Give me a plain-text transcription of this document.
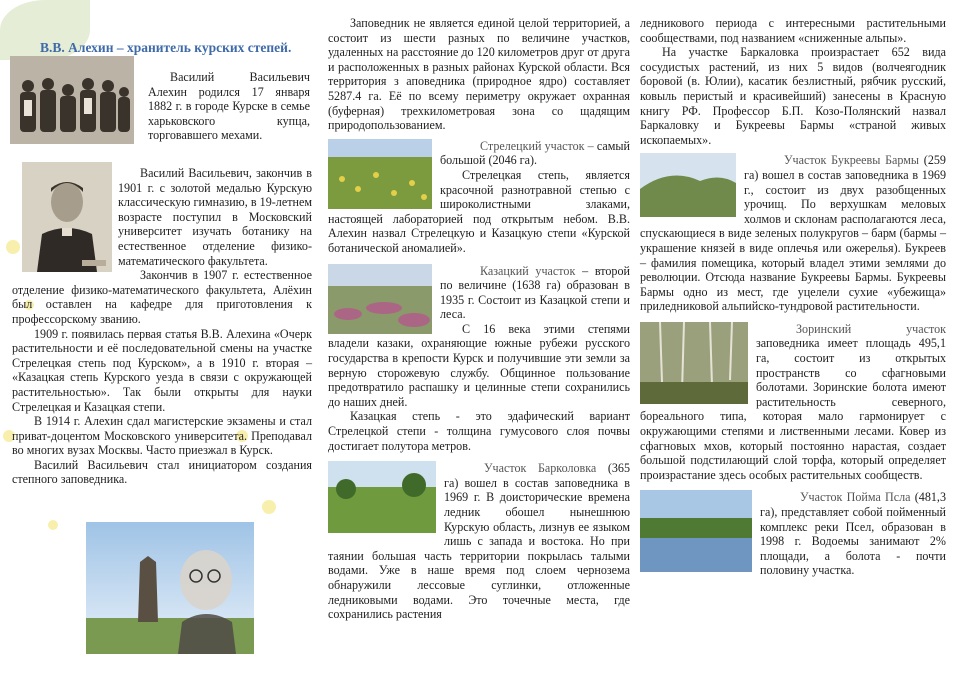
В.В. Алехин – хранитель курских степей.

Василий Васильевич Алехин родился 17 января 1882 г. в городе Курске в семье харьковского купца, торговавшего мехами.

Василий Васильевич, закончив в 1901 г. с золотой медалью Курскую классическую гимназию, в 19-летнем возрасте поступил в Московский университет изучать ботанику на естественное отделение физико-математического факультета.

Закончив в 1907 г. естественное отделение физико-математического факультета, Алёхин был оставлен на кафедре для приготовления к профессорскому званию.

1909 г. появилась первая статья В.В. Алехина «Очерк растительности и её последовательной смены на участке Стрелецкая степь под Курском», а в 1910 г. вторая – «Казацкая степь Курского уезда в связи с окружающей растительностью». Так были открыты для науки Стрелецкая и Казацкая степи.

В 1914 г. Алехин сдал магистерские экзамены и стал приват-доцентом Московского университета. Преподавал во многих вузах Москвы. Часто приезжал в Курск.

Василий Васильевич стал инициатором создания степного заповедника.

Заповедник не является единой целой территорией, а состоит из шести разных по величине участков, удаленных на расстояние до 120 километров друг от друга и расположенных в разных районах Курской области. Вся территория з аповедника (природное ядро) составляет 5287.4 га. Её по всему периметру окружает охранная (буферная) трехкилометровая зона со щадящим природопользованием.

Стрелецкий участок – самый большой (2046 га).

Стрелецкая степь, является красочной разнотравной степью с широколистными злаками, настоящей лабораторией под открытым небом. В.В. Алехин назвал Стрелецкую и Казацкую степи «Курской ботанической аномалией».

Казацкий участок – второй по величине (1638 га) образован в 1935 г. Состоит из Казацкой степи и леса.

С 16 века этими степями владели казаки, охраняющие южные рубежи русского государства в крепости Курск и получившие эти земли за верную сторожевую службу. Общинное пользование предотвратило распашку и целинные степи сохранились до наших дней.

Казацкая степь - это эдафический вариант Стрелецкой степи - толщина гумусового слоя почвы достигает полутора метров.

Участок Барколовка (365 га) вошел в состав заповедника в 1969 г. В доисторические времена ледник обошел нынешнюю Курскую область, лизнув ее языком лишь с запада и востока. Но при таянии большая часть территории покрылась талыми водами. Уже в наше время под слоем чернозема обнаружили лессовые суглинки, отложенные ледниковыми водами. Это точечные места, где сохранились растения

ледникового периода с интересными растительными сообществами, под названием «сниженные альпы».

На участке Баркаловка произрастает 652 вида сосудистых растений, из них 5 видов (волчеягодник боровой (в. Юлии), касатик безлистный, рябчик русский, ковыль перистый и красивейший) занесены в Красную книгу РФ. Профессор Б.П. Козо-Полянский назвал Баркаловку и Букреевы Бармы «страной живых ископаемых».

Участок Букреевы Бармы (259 га) вошел в состав заповедника в 1969 г., состоит из двух разобщенных урочищ. По верхушкам меловых холмов и склонам располагаются леса, спускающиеся в виде зеленых полукругов – барм (бармы – украшение князей в виде оплечья или ожерелья). Букреев – фамилия помещика, который владел этими землями до революции. Отсюда название Букреевы Бармы. Букреевы Бармы одно из мест, где уцелели сухие «убежища» приледниковой альпийско-тундровой растительности.

Зоринский участок заповедника имеет площадь 495,1 га, состоит из открытых пространств со сфагновыми болотами. Зоринские болота имеют растительность северного, бореального типа, которая мало гармонирует с окружающими степями и лиственными лесами. Ковер из сфагновых мхов, который постоянно нарастая, создает большой подстилающий слой торфа, который определяет произрастание здесь особых растительных сообществ.

Участок Пойма Псла (481,3 га), представляет собой пойменный комплекс реки Псел, образован в 1998 г. Водоемы занимают 2% площади, а болота - почти половину участка.
